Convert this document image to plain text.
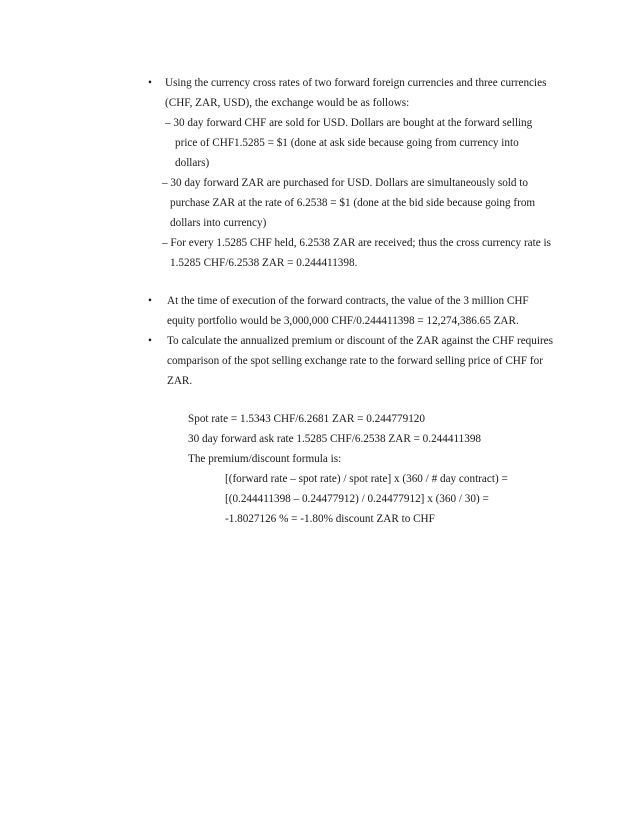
• Using the currency cross rates of two forward foreign currencies and three currencies
(CHF, ZAR, USD), the exchange would be as follows:
– 30 day forward CHF are sold for USD. Dollars are bought at the forward selling
price of CHF1.5285 = $1 (done at ask side because going from currency into
dollars)
– 30 day forward ZAR are purchased for USD. Dollars are simultaneously sold to
purchase ZAR at the rate of 6.2538 = $1 (done at the bid side because going from
dollars into currency)
– For every 1.5285 CHF held, 6.2538 ZAR are received; thus the cross currency rate is
1.5285 CHF/6.2538 ZAR = 0.244411398.
• At the time of execution of the forward contracts, the value of the 3 million CHF
equity portfolio would be 3,000,000 CHF/0.244411398 = 12,274,386.65 ZAR.
• To calculate the annualized premium or discount of the ZAR against the CHF requires
comparison of the spot selling exchange rate to the forward selling price of CHF for
ZAR.
Spot rate = 1.5343 CHF/6.2681 ZAR = 0.244779120
30 day forward ask rate 1.5285 CHF/6.2538 ZAR = 0.244411398
The premium/discount formula is:
[(forward rate – spot rate) / spot rate] x (360 / # day contract) =
[(0.244411398 – 0.24477912) / 0.24477912] x (360 / 30) =
-1.8027126 % = -1.80% discount ZAR to CHF
